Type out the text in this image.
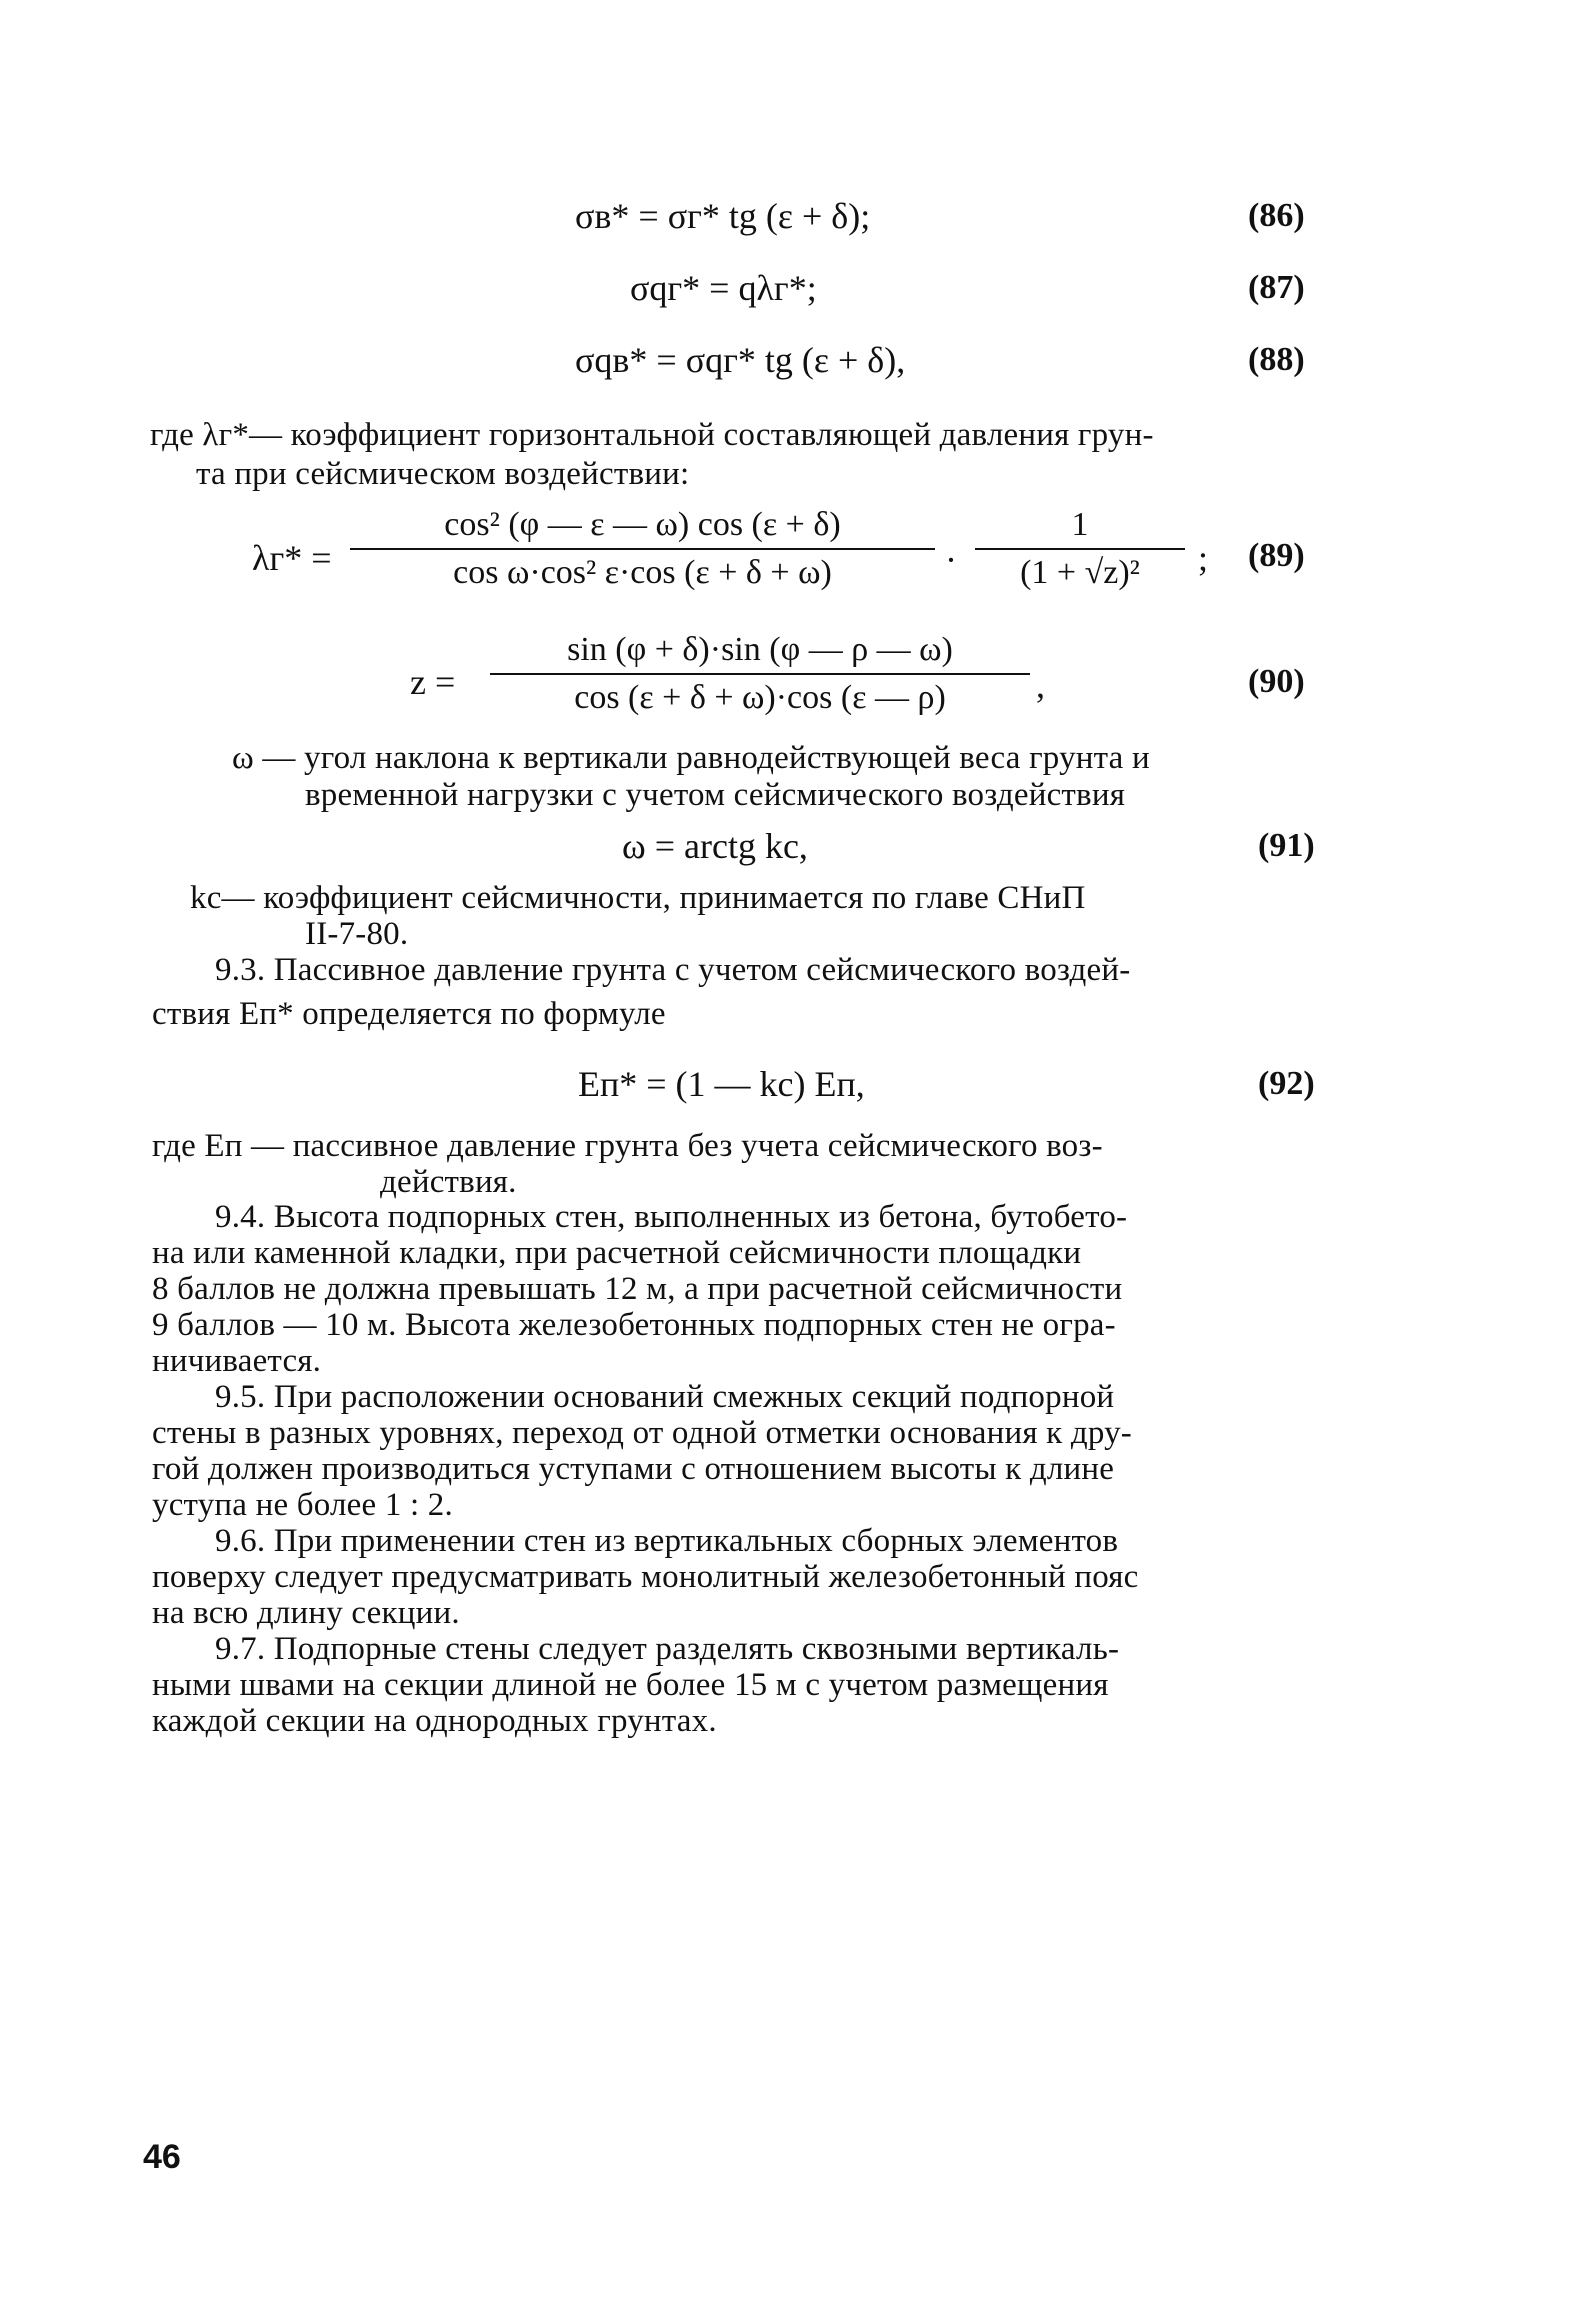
σв* = σг* tg (ε + δ);	(86)
σqг* = qλг*;	(87)
σqв* = σqг* tg (ε + δ),	(88)
где λг*— коэффициент горизонтальной составляющей давления грун-
та при сейсмическом воздействии:
λг* =
cos² (φ — ε — ω) cos (ε + δ)
cos ω·cos² ε·cos (ε + δ + ω)	·
1
(1 + √z)² ; (89)
z =
sin (φ + δ)·sin (φ — ρ — ω)
cos (ε + δ + ω)·cos (ε — ρ)	,	(90)
ω — угол наклона к вертикали равнодействующей веса грунта и
временной нагрузки с учетом сейсмического воздействия
ω = arctg kс,	(91)
kс— коэффициент сейсмичности, принимается по главе СНиП
II-7-80.
9.3. Пассивное давление грунта с учетом сейсмического воздей-
ствия Eп* определяется по формуле
Eп* = (1 — kс) Eп,	(92)
где Eп — пассивное давление грунта без учета сейсмического воз-
действия.
9.4. Высота подпорных стен, выполненных из бетона, бутобето-
на или каменной кладки, при расчетной сейсмичности площадки
8 баллов не должна превышать 12 м, а при расчетной сейсмичности
9 баллов — 10 м. Высота железобетонных подпорных стен не огра-
ничивается.
9.5. При расположении оснований смежных секций подпорной
стены в разных уровнях, переход от одной отметки основания к дру-
гой должен производиться уступами с отношением высоты к длине
уступа не более 1 : 2.
9.6. При применении стен из вертикальных сборных элементов
поверху следует предусматривать монолитный железобетонный пояс
на всю длину секции.
9.7. Подпорные стены следует разделять сквозными вертикаль-
ными швами на секции длиной не более 15 м с учетом размещения
каждой секции на однородных грунтах.
46
